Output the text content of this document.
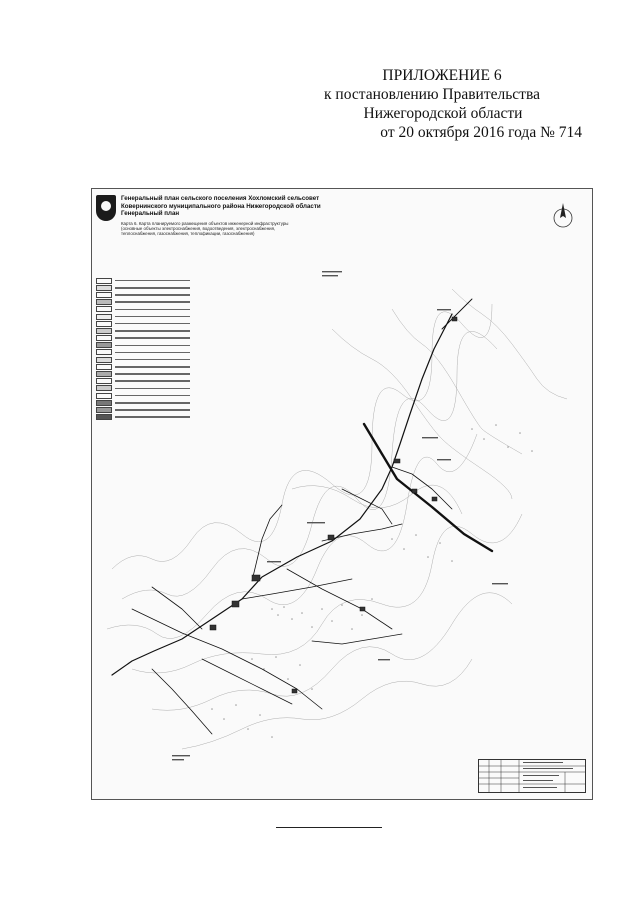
ПРИЛОЖЕНИЕ 6
к постановлению Правительства
Нижегородской области
от 20 октября 2016 года № 714
Генеральный план сельского поселения Хохломский сельсовет
Ковернинского муниципального района Нижегородской области
Генеральный план
Карта 6. Карта планируемого размещения объектов инженерной инфраструктуры
(основные объекты электроснабжения, водоотведения, электроснабжения,
теплоснабжения, газоснабжения, теплофикации, газоснабжения)
